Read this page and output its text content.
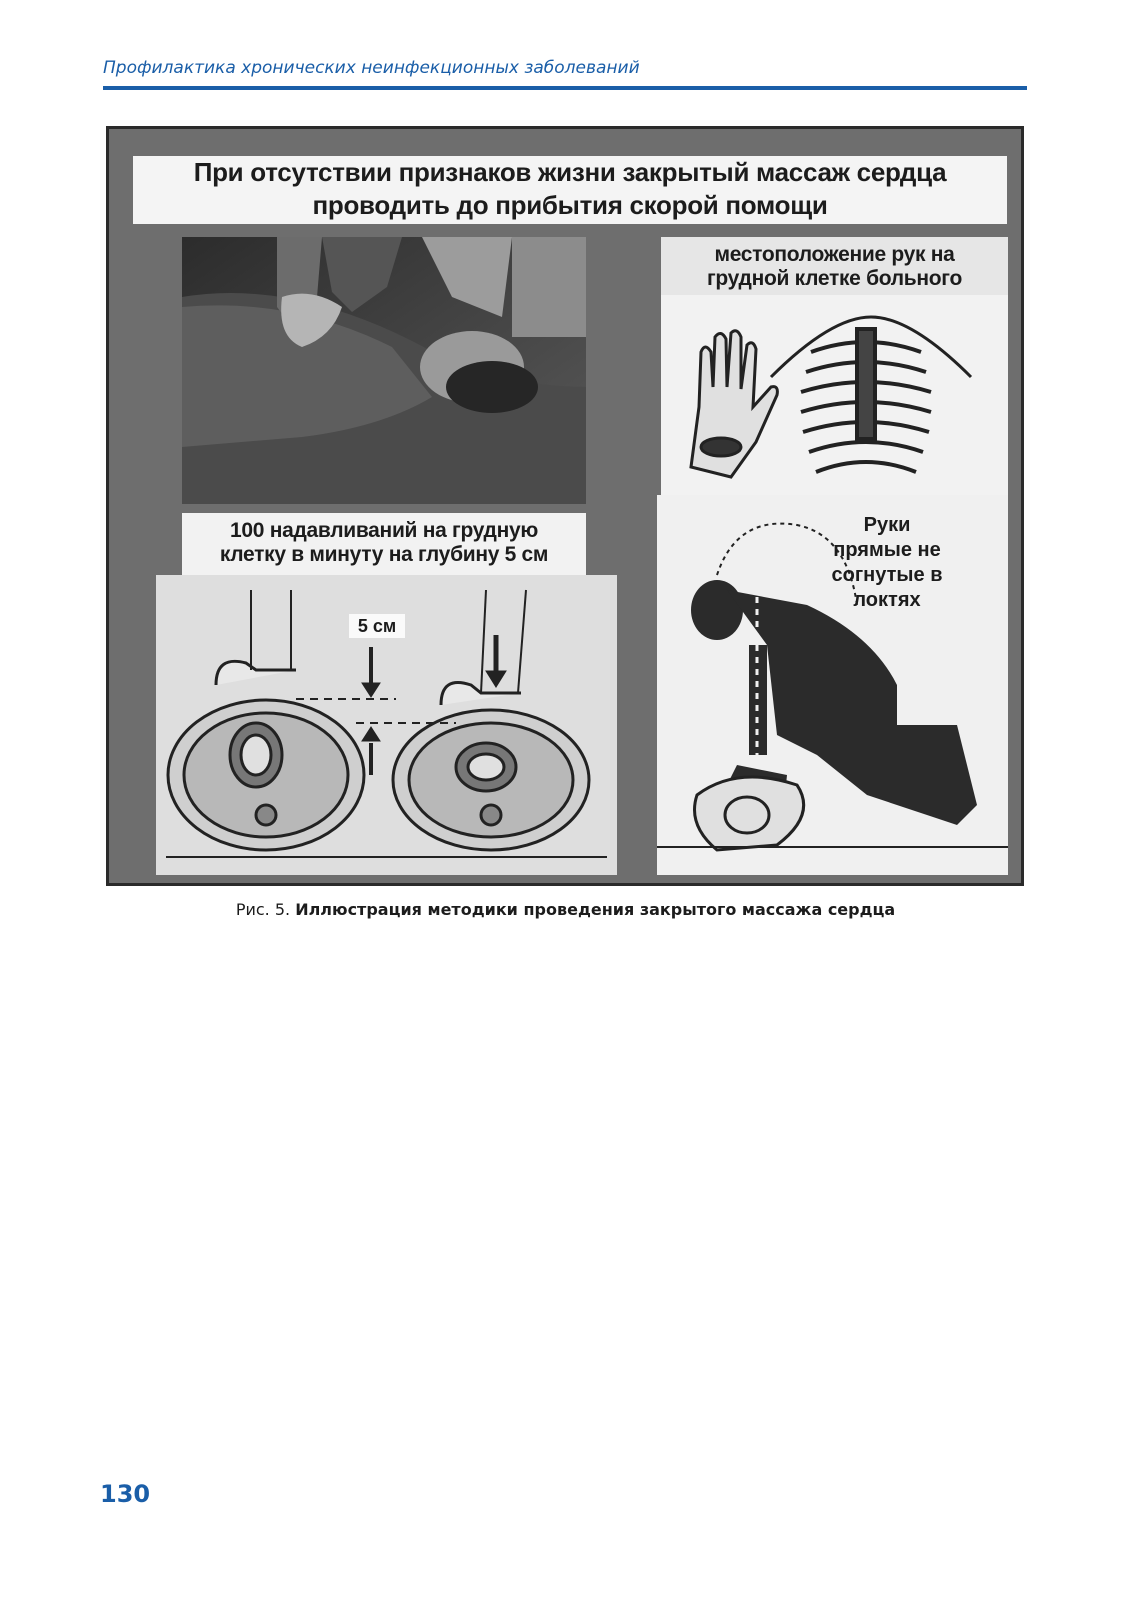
Профилактика хронических неинфекционных заболеваний
При отсутствии признаков жизни закрытый массаж сердца
проводить до прибытия скорой помощи
местоположение рук на
грудной клетке больного
100 надавливаний на грудную
клетку в минуту на глубину 5 см
5 см
Руки
прямые не
согнутые в
локтях
Рис. 5. Иллюстрация методики проведения закрытого массажа сердца
130
